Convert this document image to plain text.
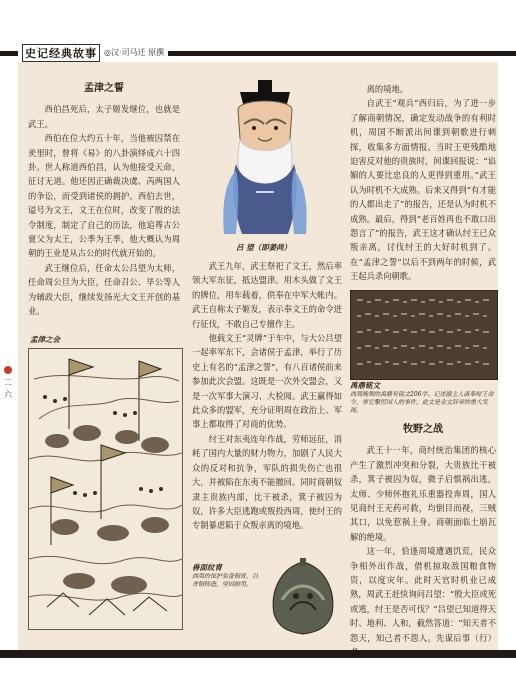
史记经典故事 ◎汉·司马迁 原撰
二
六
孟津之誓

西伯昌死后，太子姬发继位，也就是武王。

西伯在位大约五十年，当他被囚禁在羑里时，曾将《易》的八卦演绎成六十四卦。世人称道西伯昌，认为他接受天命，征讨无道。他还因正确裁决虞、芮两国人的争讼，而受到诸侯的拥护。西伯去世，谥号为文王，文王在位时，改变了殷的法令制度，制定了自己的历法，他追尊古公亶父为太王，公季为王季，他大概认为周朝的王业是从古公的时代就开始的。

武王继位后，任命太公吕望为太师，任命周公旦为大臣，任命召公、毕公等人为辅政大臣，继续发扬光大文王开创的基业。

孟津之会
吕 望（即姜尚）

武王九年，武王祭祀了文王，然后率领大军东征，抵达盟津。用木头做了文王的牌位，用车载着，供奉在中军大帐内。武王自称太子姬发，表示奉文王的命令进行征伐，不敢自己专擅作主。

他载文王“灵牌”于车中，与大公吕望一起率军东下，会诸侯于孟津，举行了历史上有名的“孟津之誓”，有八百诸侯前来参加此次会盟。这既是一次外交盟会，又是一次军事大演习、大检阅。武王赢得如此众多的盟军，充分证明周在政治上、军事上都取得了对商的优势。

纣王对东夷连年作战，劳师远征，消耗了国内大量的财力物力，加剧了人民大众的反对和抗争，军队的损失伤亡也很大，并被陷在东夷不能撤回。同时商朝奴隶主贵族内部，比干被杀，箕子被囚为奴，许多大臣逃跑或叛投西周，使纣王的专制暴虐陷于众叛亲离的境地。

离的境地。

自武王“观兵”西归后，为了进一步了解商朝情况，确定发动战争的有利时机，周国不断派出间谍到朝歌进行刺探，收集多方面情报。当时王更残酷地迫害反对他的贵族时，间谍回报说：“谄媚的人要比忠良的人更得到重用。”武王认为时机不大成熟。后来又得到“有才能的人都出走了”的报告，还是认为时机不成熟。最后，得到“老百姓再也不敢口出怨言了”的报告，武王这才确认纣王已众叛亲离，讨伐纣王的大好时机到了。在“孟津之誓”以后不到两年的时候，武王起兵杀向朝歌。

禹鼎铭文
西周晚期的禹鼎有铭文206字。记述器主人禹奉师王命令，率它擊厉国人的事件，此文是金文辞章的重大发现。
牧野之战

武王十一年，商纣统治集团的核心产生了激烈冲突和分裂，大贵族比干被杀，箕子被囚为奴，微子启惧祸出逃，太师、少师怀抱礼乐重器投奔周，国人见商纣王无药可救，均倒目而视，三贼其口，以免惹祸上身。商朝面临土崩瓦解的绝境。

这一年，恰逢周境遭遇饥荒，民众争相外出作战，借机掠取敌国粮食物资，以度灾年。此时天官时机业已成熟，周武王赶快询问吕望：“殷大臣或死或逃，纣王是否可伐？”吕望已知道得天时、地利、人和，截然答道：“知天者不怨天，知己者不怨人。先谋后事（行）

兽面纹胄
西周的保护装备铜胄，以青铜铸造，坚固耐用。
